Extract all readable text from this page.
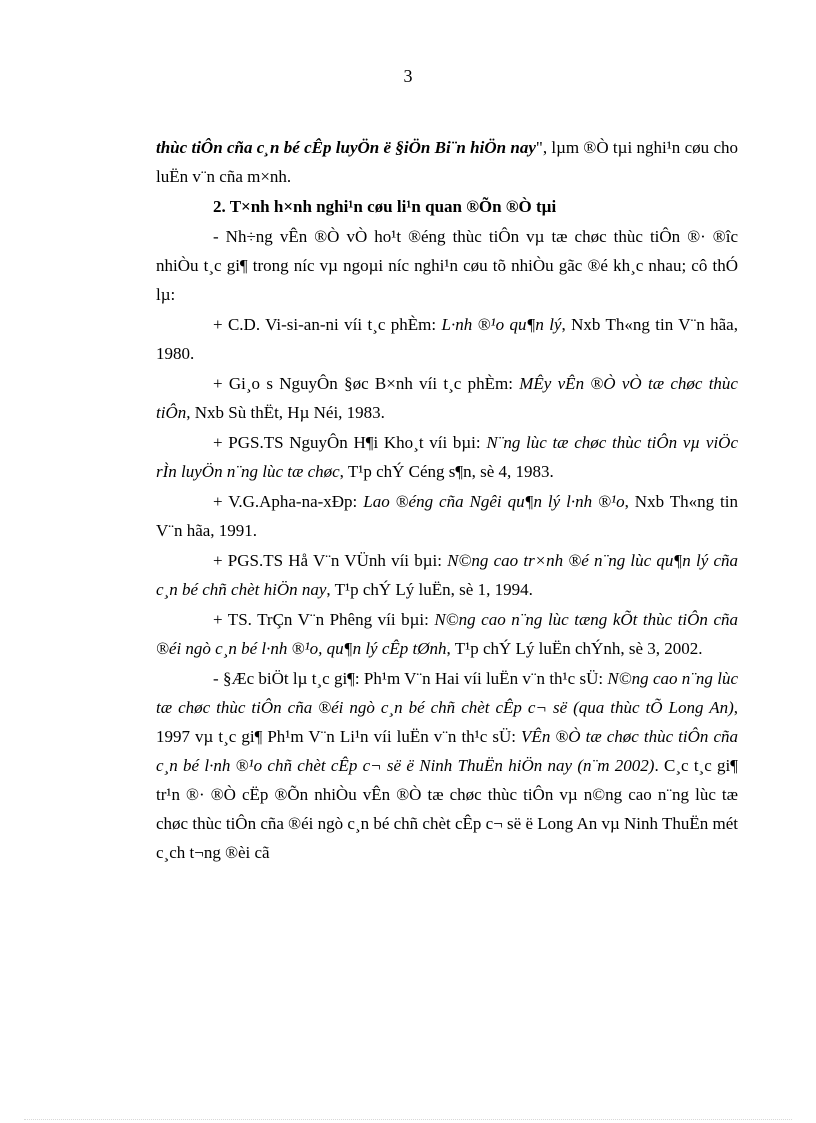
3

thùc tiÔn cña c¸n bé cÊp luyÖn ë §iÖn Bi¨n hiÖn nay", lµm ®Ò tµi nghi¹n cøu cho luËn v¨n cña m×nh.

2. T×nh h×nh nghi¹n cøu li¹n quan ®Õn ®Ò tµi

- Nh÷ng vÊn ®Ò vÒ ho¹t ®éng thùc tiÔn vµ tæ chøc thùc tiÔn ®· ®îc nhiÒu t¸c gi¶ trong níc vµ ngoµi níc nghi¹n cøu tõ nhiÒu gãc ®é kh¸c nhau; cô thÓ lµ:

+ C.D. Vi-si-an-ni víi t¸c phÈm: L·nh ®¹o qu¶n lý, Nxb Th«ng tin V¨n hãa, 1980.

+ Gi¸o s NguyÔn §øc B×nh víi t¸c phÈm: MÊy vÊn ®Ò vÒ tæ chøc thùc tiÔn, Nxb Sù thËt, Hµ Néi, 1983.

+ PGS.TS NguyÔn H¶i Kho¸t víi bµi: N¨ng lùc tæ chøc thùc tiÔn vµ viÖc rÌn luyÖn n¨ng lùc tæ chøc, T¹p chÝ Céng s¶n, sè 4, 1983.

+ V.G.Apha-na-xÐp: Lao ®éng cña Ngêi qu¶n lý l·nh ®¹o, Nxb Th«ng tin V¨n hãa, 1991.

+ PGS.TS Hå V¨n VÜnh víi bµi: N©ng cao tr×nh ®é n¨ng lùc qu¶n lý cña c¸n bé chñ chèt hiÖn nay, T¹p chÝ Lý luËn, sè 1, 1994.

+ TS. TrÇn V¨n Phêng víi bµi: N©ng cao n¨ng lùc tæng kÕt thùc tiÔn cña ®éi ngò c¸n bé l·nh ®¹o, qu¶n lý cÊp tØnh, T¹p chÝ Lý luËn chÝnh, sè 3, 2002.

- §Æc biÖt lµ t¸c gi¶: Ph¹m V¨n Hai víi luËn v¨n th¹c sÜ: N©ng cao n¨ng lùc tæ chøc thùc tiÔn cña ®éi ngò c¸n bé chñ chèt cÊp c¬ së (qua thùc tÕ Long An), 1997 vµ t¸c gi¶ Ph¹m V¨n Li¹n víi luËn v¨n th¹c sÜ: VÊn ®Ò tæ chøc thùc tiÔn cña c¸n bé l·nh ®¹o chñ chèt cÊp c¬ së ë Ninh ThuËn hiÖn nay (n¨m 2002). C¸c t¸c gi¶ tr¹n ®· ®Ò cËp ®Õn nhiÒu vÊn ®Ò tæ chøc thùc tiÔn vµ n©ng cao n¨ng lùc tæ chøc thùc tiÔn cña ®éi ngò c¸n bé chñ chèt cÊp c¬ së ë Long An vµ Ninh ThuËn mét c¸ch t¬ng ®èi cã
